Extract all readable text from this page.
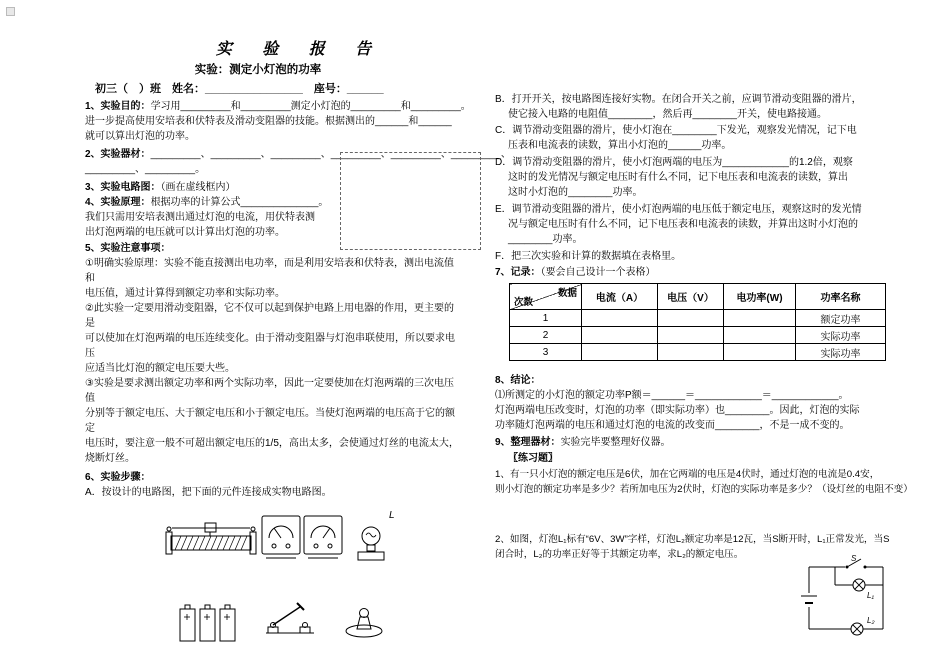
实 验 报 告
实验：测定小灯泡的功率
初三（　）班　姓名：________________　座号：______
1、实验目的：学习用_________和_________测定小灯泡的_________和_________。
进一步提高使用安培表和伏特表及滑动变阻器的技能。根据测出的______和______
就可以算出灯泡的功率。
2、实验器材：_________、_________、_________、_________、_________、_________、
_________、_________。
3、实验电路图：（画在虚线框内）
4、实验原理：根据功率的计算公式______________。
我们只需用安培表测出通过灯泡的电流，用伏特表测
出灯泡两端的电压就可以计算出灯泡的功率。
5、实验注意事项：
①明确实验原理：实验不能直接测出电功率，而是利用安培表和伏特表，测出电流值
和
电压值，通过计算得到额定功率和实际功率。
②此实验一定要用滑动变阻器，它不仅可以起到保护电路上用电器的作用，更主要的
是
可以使加在灯泡两端的电压连续变化。由于滑动变阻器与灯泡串联使用，所以要求电
压
应适当比灯泡的额定电压要大些。
③实验是要求测出额定功率和两个实际功率，因此一定要使加在灯泡两端的三次电压
值
分别等于额定电压、大于额定电压和小于额定电压。当使灯泡两端的电压高于它的额
定
电压时，要注意一般不可超出额定电压的1/5，高出太多，会使通过灯丝的电流太大，
烧断灯丝。
6、实验步骤：
A．按设计的电路图，把下面的元件连接成实物电路图。
L
B．打开开关，按电路图连接好实物。在闭合开关之前，应调节滑动变阻器的滑片，
使它接入电路的电阻值________，然后再________开关，使电路接通。
C．调节滑动变阻器的滑片，使小灯泡在________下发光，观察发光情况，记下电
压表和电流表的读数，算出小灯泡的______功率。
D．调节滑动变阻器的滑片，使小灯泡两端的电压为____________的1.2倍，观察
这时的发光情况与额定电压时有什么不同，记下电压表和电流表的读数，算出
这时小灯泡的________功率。
E．调节滑动变阻器的滑片，使小灯泡两端的电压低于额定电压，观察这时的发光情
况与额定电压时有什么不同，记下电压表和电流表的读数，并算出这时小灯泡的
________功率。
F．把三次实验和计算的数据填在表格里。
7、记录：（要会自己设计一个表格）
数据
次数	电流（A）	电压（V）	电功率(W)	功率名称
1				额定功率
2				实际功率
3				实际功率
8、结论：
⑴所测定的小灯泡的额定功率P额＝______＝____________＝____________。
灯泡两端电压改变时，灯泡的功率（即实际功率）也________。因此，灯泡的实际
功率随灯泡两端的电压和通过灯泡的电流的改变而________，不是一成不变的。
9、整理器材：实验完毕要整理好仪器。
〖练习题〗
1、有一只小灯泡的额定电压是6伏，加在它两端的电压是4伏时，通过灯泡的电流是0.4安，
则小灯泡的额定功率是多少？若所加电压为2伏时，灯泡的实际功率是多少？（设灯丝的电阻不变）
2、如图，灯泡L₁标有“6V、3W”字样，灯泡L₂额定功率是12瓦，当S断开时，L₁正常发光，当S
闭合时，L₂的功率正好等于其额定功率，求L₂的额定电压。	S
L₁
L₂
